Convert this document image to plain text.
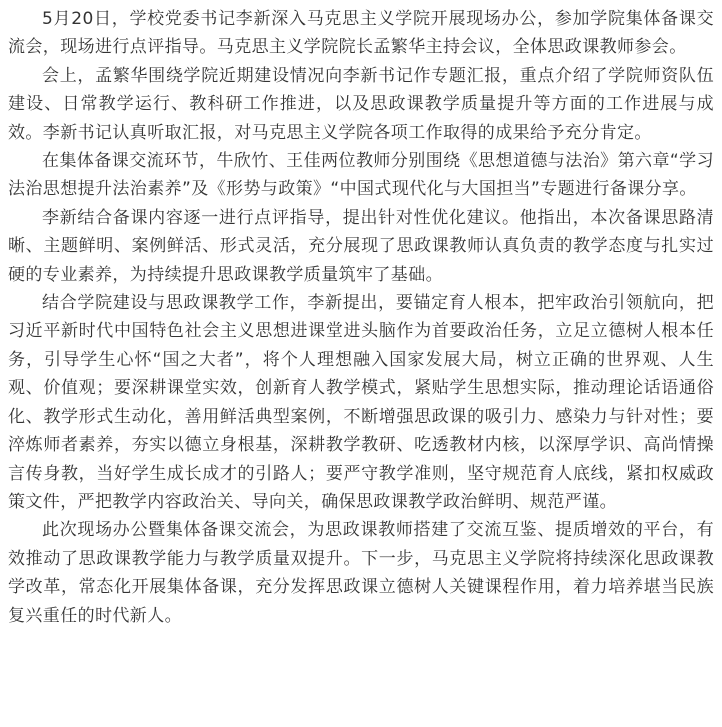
5月20日，学校党委书记李新深入马克思主义学院开展现场办公，参加学院集体备课交流会，现场进行点评指导。马克思主义学院院长孟繁华主持会议，全体思政课教师参会。

会上，孟繁华围绕学院近期建设情况向李新书记作专题汇报，重点介绍了学院师资队伍建设、日常教学运行、教科研工作推进，以及思政课教学质量提升等方面的工作进展与成效。李新书记认真听取汇报，对马克思主义学院各项工作取得的成果给予充分肯定。

在集体备课交流环节，牛欣竹、王佳两位教师分别围绕《思想道德与法治》第六章“学习法治思想提升法治素养”及《形势与政策》“中国式现代化与大国担当”专题进行备课分享。

李新结合备课内容逐一进行点评指导，提出针对性优化建议。他指出，本次备课思路清晰、主题鲜明、案例鲜活、形式灵活，充分展现了思政课教师认真负责的教学态度与扎实过硬的专业素养，为持续提升思政课教学质量筑牢了基础。

结合学院建设与思政课教学工作，李新提出，要锚定育人根本，把牢政治引领航向，把习近平新时代中国特色社会主义思想进课堂进头脑作为首要政治任务，立足立德树人根本任务，引导学生心怀“国之大者”，将个人理想融入国家发展大局，树立正确的世界观、人生观、价值观；要深耕课堂实效，创新育人教学模式，紧贴学生思想实际，推动理论话语通俗化、教学形式生动化，善用鲜活典型案例，不断增强思政课的吸引力、感染力与针对性；要淬炼师者素养，夯实以德立身根基，深耕教学教研、吃透教材内核，以深厚学识、高尚情操言传身教，当好学生成长成才的引路人；要严守教学准则，坚守规范育人底线，紧扣权威政策文件，严把教学内容政治关、导向关，确保思政课教学政治鲜明、规范严谨。

此次现场办公暨集体备课交流会，为思政课教师搭建了交流互鉴、提质增效的平台，有效推动了思政课教学能力与教学质量双提升。下一步，马克思主义学院将持续深化思政课教学改革，常态化开展集体备课，充分发挥思政课立德树人关键课程作用，着力培养堪当民族复兴重任的时代新人。
